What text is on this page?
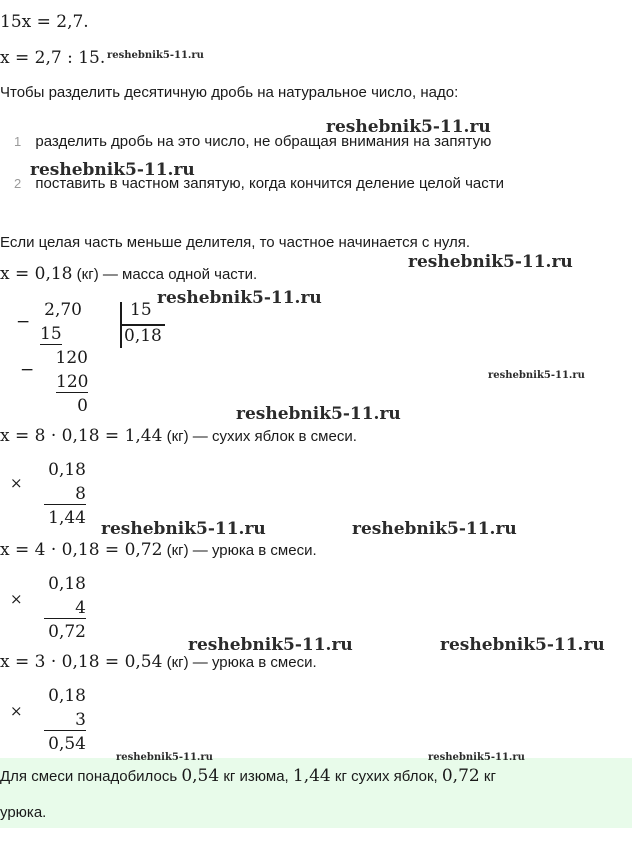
15x = 2,7.
x = 2,7 : 15.
Чтобы разделить десятичную дробь на натуральное число, надо:
1 разделить дробь на это число, не обращая внимания на запятую
2 поставить в частном запятую, когда кончится деление целой части
Если целая часть меньше делителя, то частное начинается с нуля.
x = 0,18 (кг) — масса одной части.
−
2,70
15
15
0,18
−
120
120
0
x = 8 · 0,18 = 1,44 (кг) — сухих яблок в смеси.
×
0,18
8
1,44
x = 4 · 0,18 = 0,72 (кг) — урюка в смеси.
×
0,18
4
0,72
x = 3 · 0,18 = 0,54 (кг) — урюка в смеси.
×
0,18
3
0,54
Для смеси понадобилось 0,54 кг изюма, 1,44 кг сухих яблок, 0,72 кг
урюка.
reshebnik5-11.ru
reshebnik5-11.ru
reshebnik5-11.ru
reshebnik5-11.ru
reshebnik5-11.ru
reshebnik5-11.ru
reshebnik5-11.ru
reshebnik5-11.ru	reshebnik5-11.ru
reshebnik5-11.ru	reshebnik5-11.ru
reshebnik5-11.ru	reshebnik5-11.ru
